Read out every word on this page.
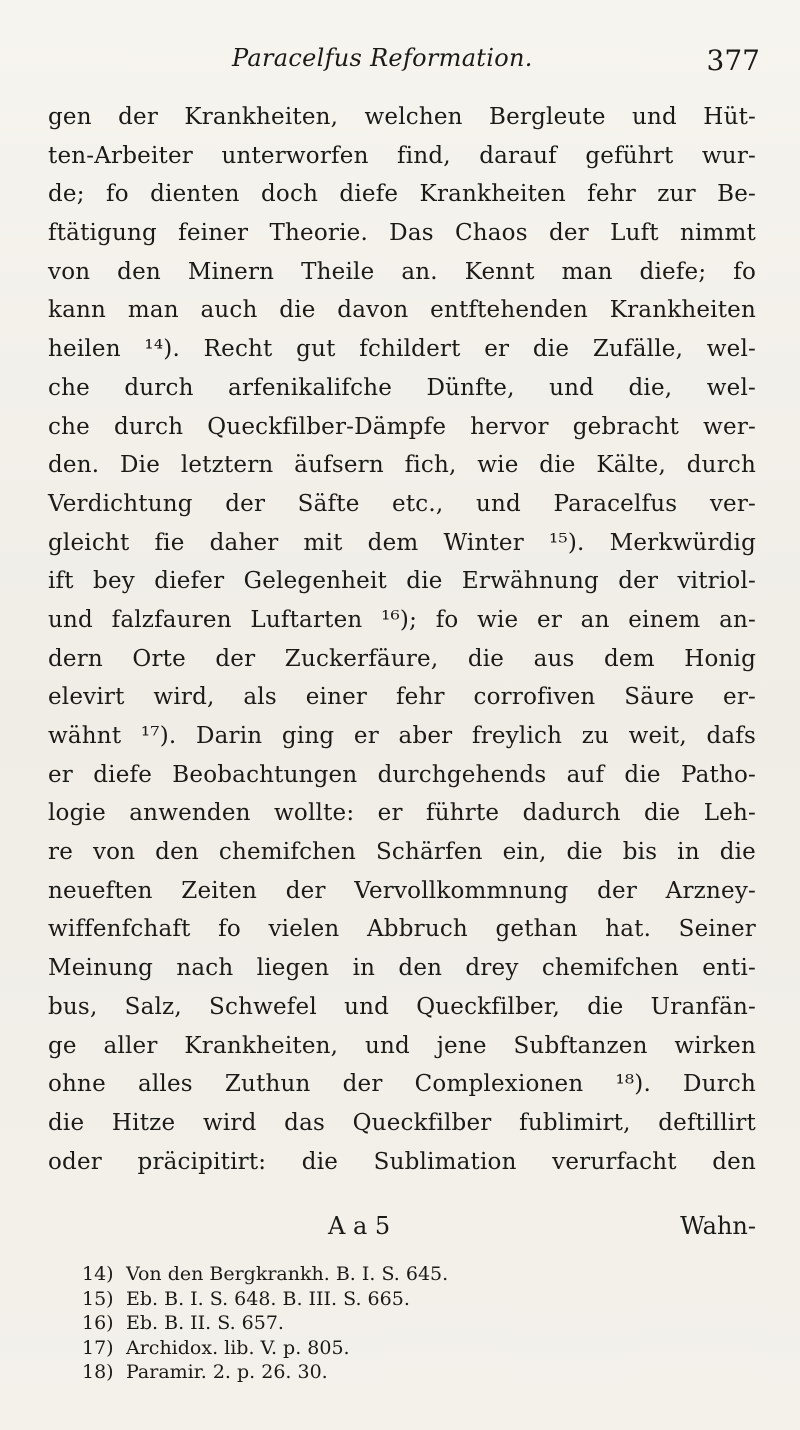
Paracelfus Reformation.	377
gen der Krankheiten, welchen Bergleute und Hüt-
ten-Arbeiter unterworfen find, darauf geführt wur-
de; fo dienten doch diefe Krankheiten fehr zur Be-
ftätigung feiner Theorie. Das Chaos der Luft nimmt
von den Minern Theile an. Kennt man diefe; fo
kann man auch die davon entftehenden Krankheiten
heilen ¹⁴). Recht gut fchildert er die Zufälle, wel-
che durch arfenikalifche Dünfte, und die, wel-
che durch Queckfilber-Dämpfe hervor gebracht wer-
den. Die letztern äufsern fich, wie die Kälte, durch
Verdichtung der Säfte etc., und Paracelfus ver-
gleicht fie daher mit dem Winter ¹⁵). Merkwürdig
ift bey diefer Gelegenheit die Erwähnung der vitriol-
und falzfauren Luftarten ¹⁶); fo wie er an einem an-
dern Orte der Zuckerfäure, die aus dem Honig
elevirt wird, als einer fehr corrofiven Säure er-
wähnt ¹⁷). Darin ging er aber freylich zu weit, dafs
er diefe Beobachtungen durchgehends auf die Patho-
logie anwenden wollte: er führte dadurch die Leh-
re von den chemifchen Schärfen ein, die bis in die
neueften Zeiten der Vervollkommnung der Arzney-
wiffenfchaft fo vielen Abbruch gethan hat. Seiner
Meinung nach liegen in den drey chemifchen enti-
bus, Salz, Schwefel und Queckfilber, die Uranfän-
ge aller Krankheiten, und jene Subftanzen wirken
ohne alles Zuthun der Complexionen ¹⁸). Durch
die Hitze wird das Queckfilber fublimirt, deftillirt
oder präcipitirt: die Sublimation verurfacht den
A a 5	Wahn-
14) Von den Bergkrankh. B. I. S. 645.
15) Eb. B. I. S. 648. B. III. S. 665.
16) Eb. B. II. S. 657.
17) Archidox. lib. V. p. 805.
18) Paramir. 2. p. 26. 30.
